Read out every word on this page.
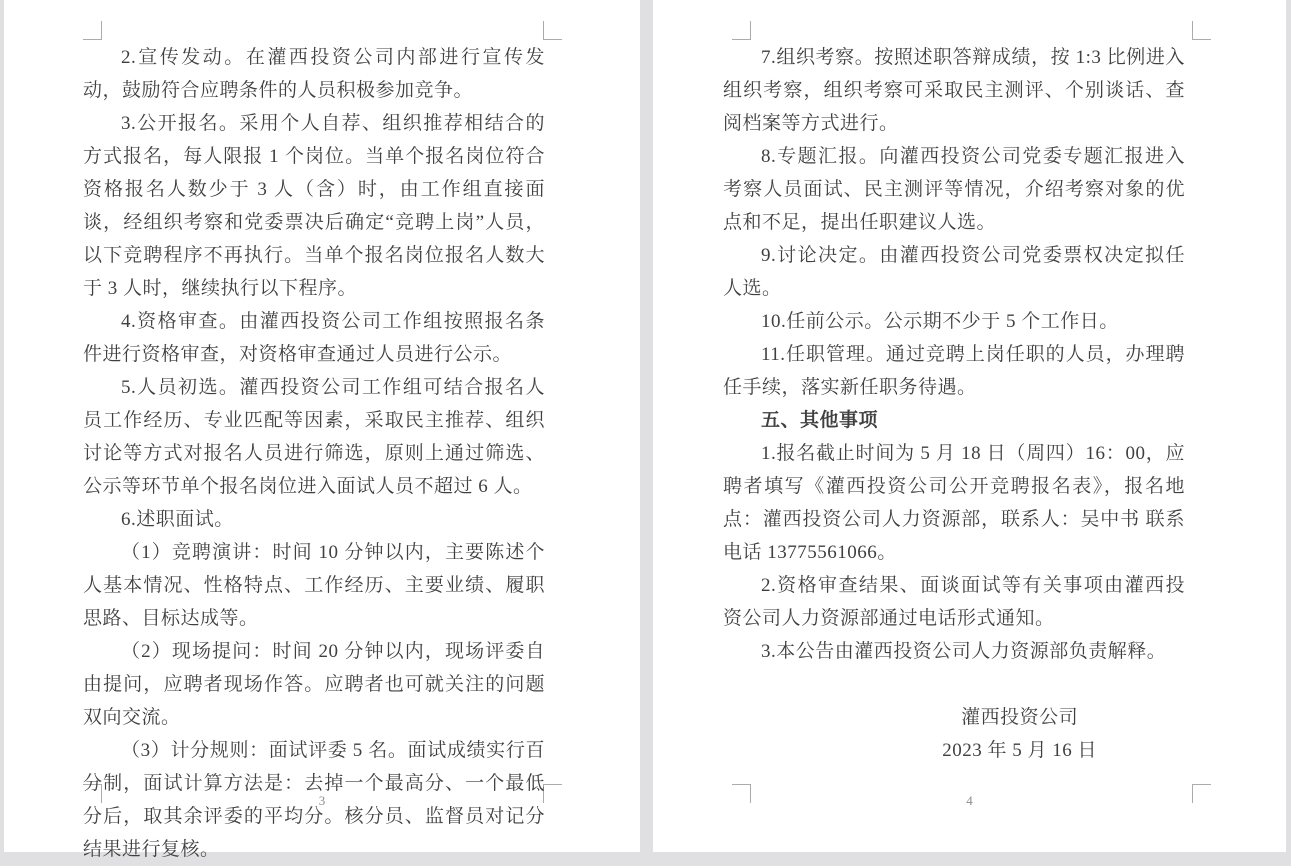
2.宣传发动。在灌西投资公司内部进行宣传发动，鼓励符合应聘条件的人员积极参加竞争。

3.公开报名。采用个人自荐、组织推荐相结合的方式报名，每人限报 1 个岗位。当单个报名岗位符合资格报名人数少于 3 人（含）时，由工作组直接面谈，经组织考察和党委票决后确定“竞聘上岗”人员，以下竞聘程序不再执行。当单个报名岗位报名人数大于 3 人时，继续执行以下程序。

4.资格审查。由灌西投资公司工作组按照报名条件进行资格审查，对资格审查通过人员进行公示。

5.人员初选。灌西投资公司工作组可结合报名人员工作经历、专业匹配等因素，采取民主推荐、组织讨论等方式对报名人员进行筛选，原则上通过筛选、公示等环节单个报名岗位进入面试人员不超过 6 人。

6.述职面试。

（1）竞聘演讲：时间 10 分钟以内，主要陈述个人基本情况、性格特点、工作经历、主要业绩、履职思路、目标达成等。

（2）现场提问：时间 20 分钟以内，现场评委自由提问，应聘者现场作答。应聘者也可就关注的问题双向交流。

（3）计分规则：面试评委 5 名。面试成绩实行百分制，面试计算方法是：去掉一个最高分、一个最低分后，取其余评委的平均分。核分员、监督员对记分结果进行复核。

3

7.组织考察。按照述职答辩成绩，按 1:3 比例进入组织考察，组织考察可采取民主测评、个别谈话、查阅档案等方式进行。

8.专题汇报。向灌西投资公司党委专题汇报进入考察人员面试、民主测评等情况，介绍考察对象的优点和不足，提出任职建议人选。

9.讨论决定。由灌西投资公司党委票权决定拟任人选。

10.任前公示。公示期不少于 5 个工作日。

11.任职管理。通过竞聘上岗任职的人员，办理聘任手续，落实新任职务待遇。

五、其他事项

1.报名截止时间为 5 月 18 日（周四）16：00，应聘者填写《灌西投资公司公开竞聘报名表》，报名地点：灌西投资公司人力资源部，联系人：吴中书 联系电话 13775561066。

2.资格审查结果、面谈面试等有关事项由灌西投资公司人力资源部通过电话形式通知。

3.本公告由灌西投资公司人力资源部负责解释。

灌西投资公司
2023 年 5 月 16 日
4
